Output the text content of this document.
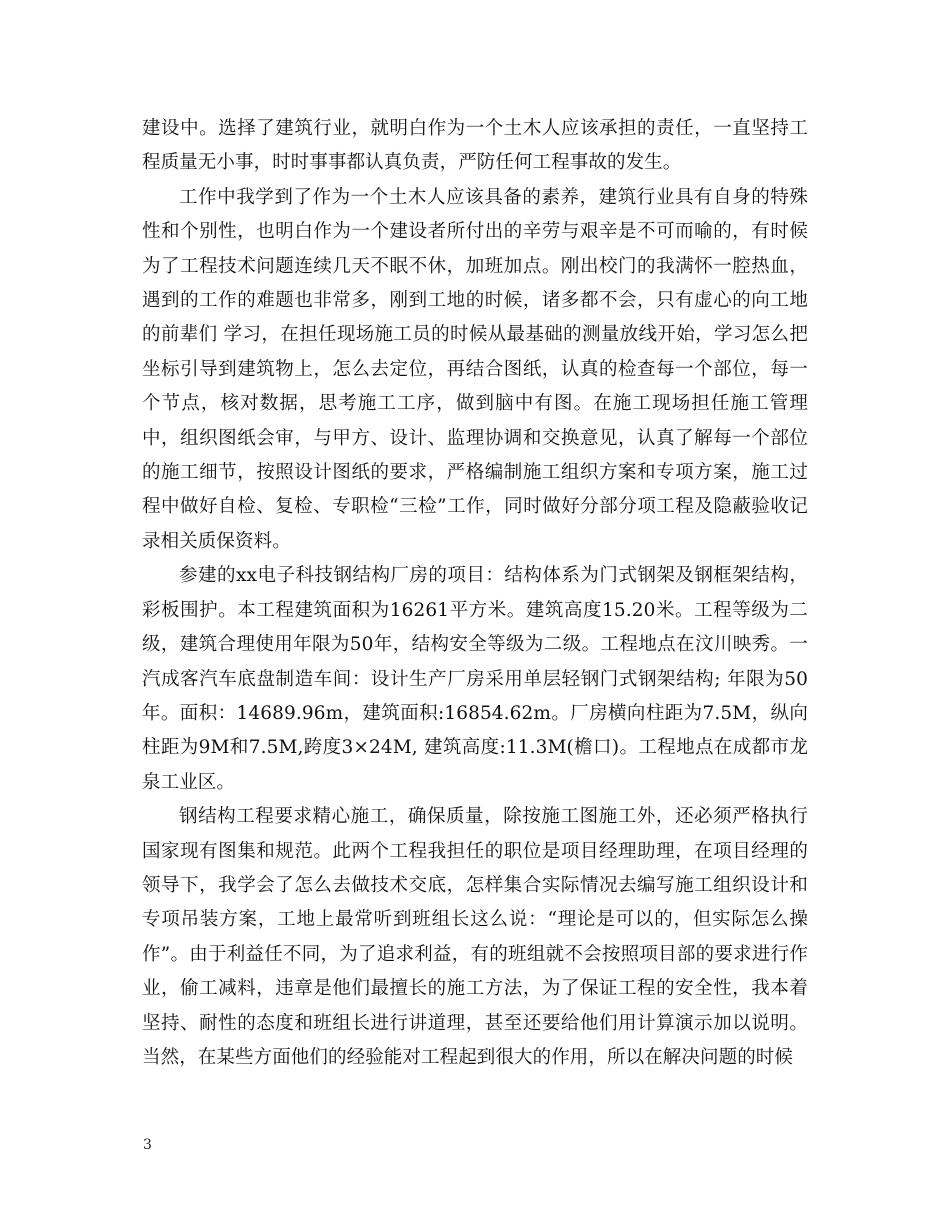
建设中。选择了建筑行业，就明白作为一个土木人应该承担的责任，一直坚持工程质量无小事，时时事事都认真负责，严防任何工程事故的发生。

工作中我学到了作为一个土木人应该具备的素养，建筑行业具有自身的特殊性和个别性，也明白作为一个建设者所付出的辛劳与艰辛是不可而喻的，有时候为了工程技术问题连续几天不眠不休，加班加点。刚出校门的我满怀一腔热血，遇到的工作的难题也非常多，刚到工地的时候，诸多都不会，只有虚心的向工地的前辈们 学习，在担任现场施工员的时候从最基础的测量放线开始，学习怎么把坐标引导到建筑物上，怎么去定位，再结合图纸，认真的检查每一个部位，每一个节点，核对数据，思考施工工序，做到脑中有图。在施工现场担任施工管理中，组织图纸会审，与甲方、设计、监理协调和交换意见，认真了解每一个部位的施工细节，按照设计图纸的要求，严格编制施工组织方案和专项方案，施工过程中做好自检、复检、专职检“三检”工作，同时做好分部分项工程及隐蔽验收记录相关质保资料。

参建的xx电子科技钢结构厂房的项目：结构体系为门式钢架及钢框架结构，彩板围护。本工程建筑面积为16261平方米。建筑高度15.20米。工程等级为二级，建筑合理使用年限为50年，结构安全等级为二级。工程地点在汶川映秀。一汽成客汽车底盘制造车间：设计生产厂房采用单层轻钢门式钢架结构; 年限为50年。面积：14689.96m，建筑面积:16854.62m。厂房横向柱距为7.5M，纵向柱距为9M和7.5M,跨度3×24M, 建筑高度:11.3M(檐口)。工程地点在成都市龙泉工业区。

钢结构工程要求精心施工，确保质量，除按施工图施工外，还必须严格执行国家现有图集和规范。此两个工程我担任的职位是项目经理助理，在项目经理的领导下，我学会了怎么去做技术交底，怎样集合实际情况去编写施工组织设计和专项吊装方案，工地上最常听到班组长这么说：“理论是可以的，但实际怎么操作”。由于利益任不同，为了追求利益，有的班组就不会按照项目部的要求进行作业，偷工减料，违章是他们最擅长的施工方法，为了保证工程的安全性，我本着坚持、耐性的态度和班组长进行讲道理，甚至还要给他们用计算演示加以说明。当然，在某些方面他们的经验能对工程起到很大的作用，所以在解决问题的时候

3
